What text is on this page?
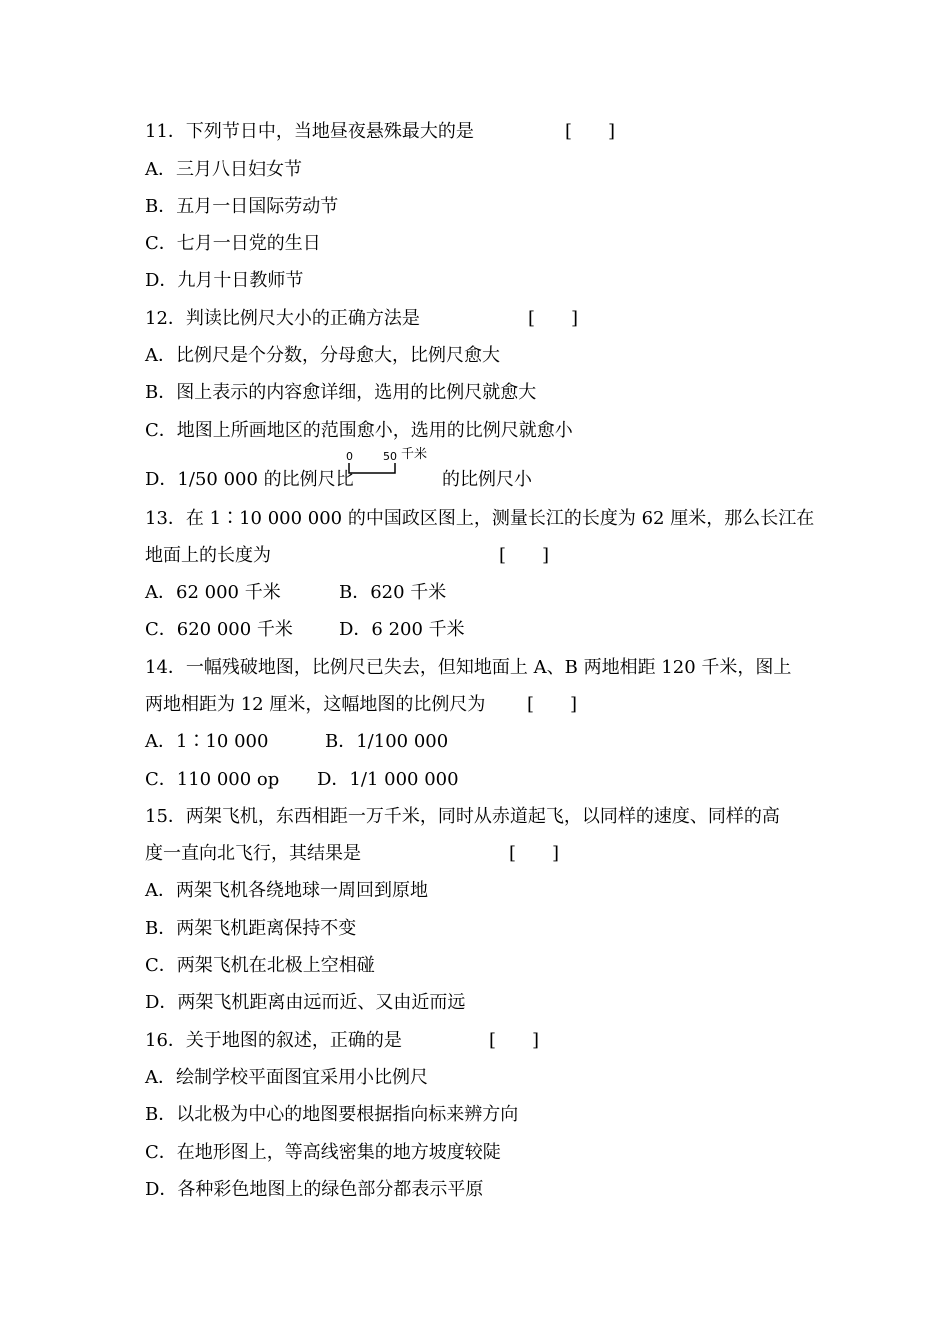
11．下列节日中，当地昼夜悬殊最大的是	[　　]
A．三月八日妇女节
B．五月一日国际劳动节
C．七月一日党的生日
D．九月十日教师节
12．判读比例尺大小的正确方法是	[　　]
A．比例尺是个分数，分母愈大，比例尺愈大
B．图上表示的内容愈详细，选用的比例尺就愈大
C．地图上所画地区的范围愈小，选用的比例尺就愈小
D．1/50 000 的比例尺比
0	50 千米
的比例尺小
13．在 1∶10 000 000 的中国政区图上，测量长江的长度为 62 厘米，那么长江在
地面上的长度为	[　　]
A．62 000 千米	B．620 千米
C．620 000 千米	D．6 200 千米
14．一幅残破地图，比例尺已失去，但知地面上 A、B 两地相距 120 千米，图上
两地相距为 12 厘米，这幅地图的比例尺为 [　　]
A．1∶10 000	B．1/100 000
C．110 000 op D．1/1 000 000
15．两架飞机，东西相距一万千米，同时从赤道起飞，以同样的速度、同样的高
度一直向北飞行，其结果是	[　　]
A．两架飞机各绕地球一周回到原地
B．两架飞机距离保持不变
C．两架飞机在北极上空相碰
D．两架飞机距离由远而近、又由近而远
16．关于地图的叙述，正确的是	[　　]
A．绘制学校平面图宜采用小比例尺
B．以北极为中心的地图要根据指向标来辨方向
C．在地形图上，等高线密集的地方坡度较陡
D．各种彩色地图上的绿色部分都表示平原
